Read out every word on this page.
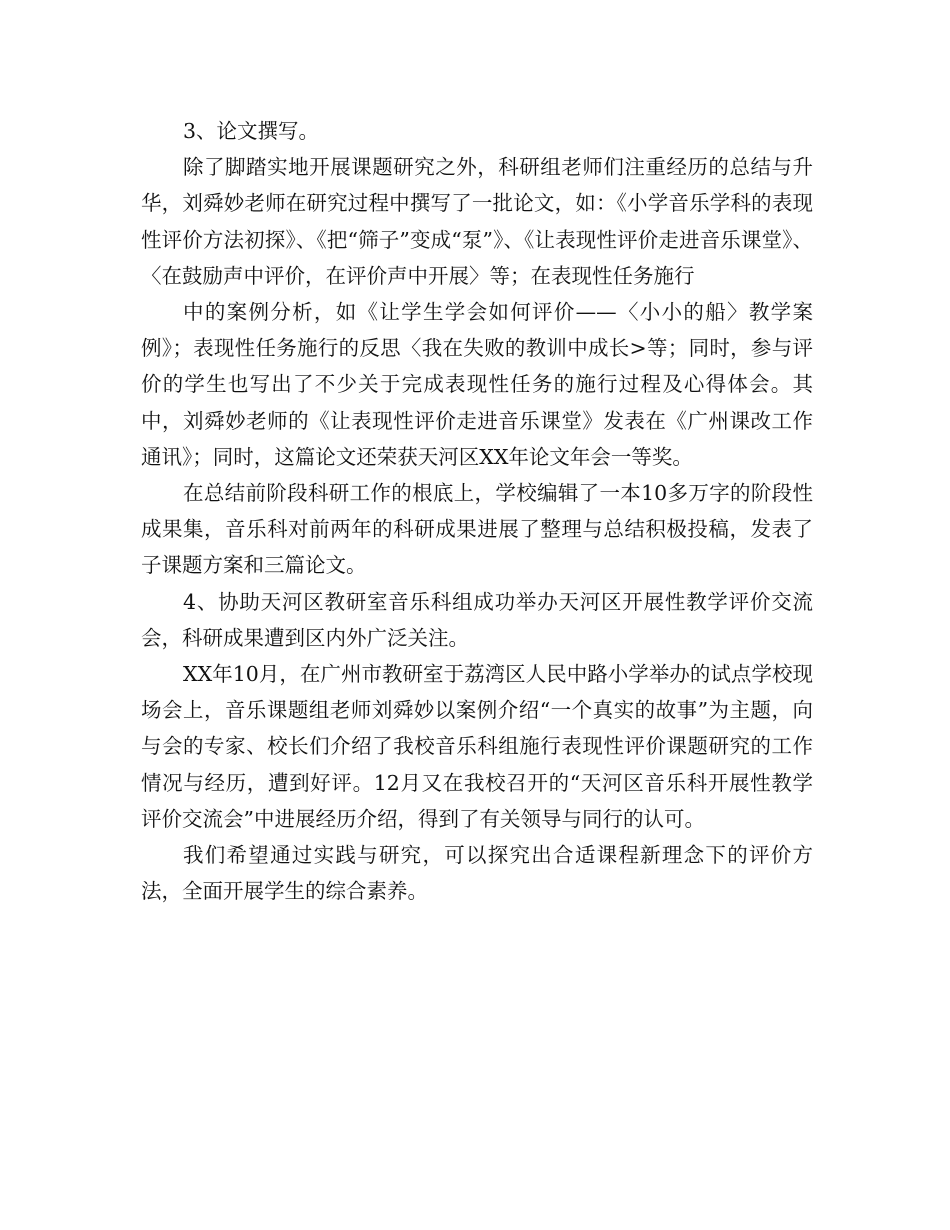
3、论文撰写。

除了脚踏实地开展课题研究之外，科研组老师们注重经历的总结与升华，刘舜妙老师在研究过程中撰写了一批论文，如：《小学音乐学科的表现性评价方法初探》、《把“筛子”变成“泵”》、《让表现性评价走进音乐课堂》、〈在鼓励声中评价，在评价声中开展〉等；在表现性任务施行

中的案例分析，如《让学生学会如何评价——〈小小的船〉教学案例》；表现性任务施行的反思〈我在失败的教训中成长>等；同时，参与评价的学生也写出了不少关于完成表现性任务的施行过程及心得体会。其中，刘舜妙老师的《让表现性评价走进音乐课堂》发表在《广州课改工作通讯》；同时，这篇论文还荣获天河区XX年论文年会一等奖。

在总结前阶段科研工作的根底上，学校编辑了一本10多万字的阶段性成果集，音乐科对前两年的科研成果进展了整理与总结积极投稿，发表了子课题方案和三篇论文。

4、协助天河区教研室音乐科组成功举办天河区开展性教学评价交流会，科研成果遭到区内外广泛关注。

XX年10月，在广州市教研室于荔湾区人民中路小学举办的试点学校现场会上，音乐课题组老师刘舜妙以案例介绍“一个真实的故事”为主题，向与会的专家、校长们介绍了我校音乐科组施行表现性评价课题研究的工作情况与经历，遭到好评。12月又在我校召开的“天河区音乐科开展性教学评价交流会”中进展经历介绍，得到了有关领导与同行的认可。

我们希望通过实践与研究，可以探究出合适课程新理念下的评价方法，全面开展学生的综合素养。
